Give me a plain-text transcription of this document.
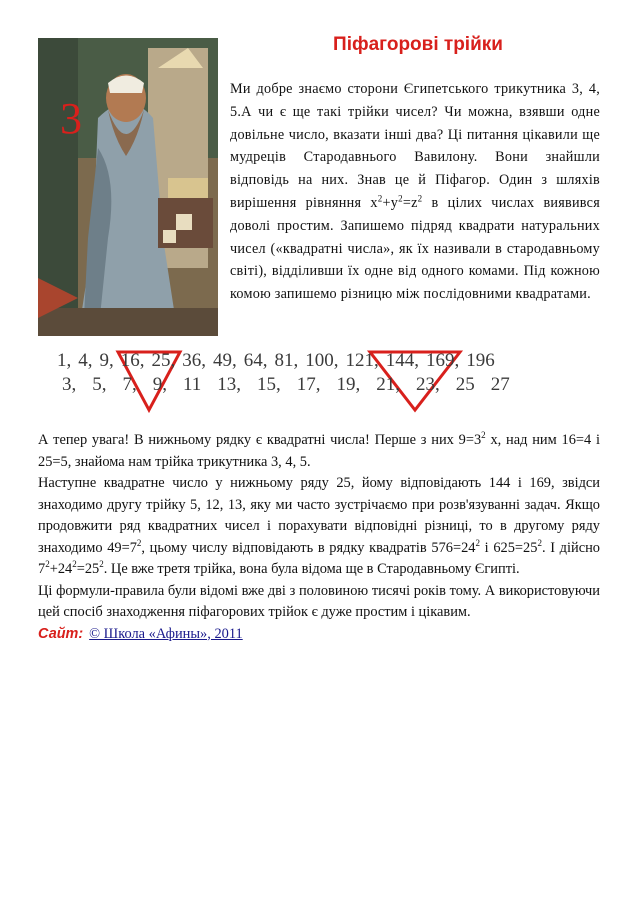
3
Піфагорові трійки

Ми добре знаємо сторони Єгипетського трикутника 3, 4, 5.А чи є ще такі трійки чисел? Чи можна, взявши одне довільне число, вказати інші два? Ці питання цікавили ще мудреців Стародавнього Вавилону. Вони знайшли відповідь на них. Знав це й Піфагор. Один з шляхів вирішення рівняння $x^2+y^2=z^2$ в цілих числах виявився доволі простим. Запишемо підряд квадрати натуральних чисел («квадратні числа», як їх називали в стародавньому світі), відділивши їх одне від одного комами. Під кожною комою запишемо різницю між послідовними квадратами.

1, 4, 9, 16, 25, 36, 49, 64, 81, 100, 121, 144, 169, 196
3, 5, 7, 9, 11 13, 15, 17, 19, 21, 23, 25 27

А тепер увага! В нижньому рядку є квадратні числа! Перше з них $9=3^2$ х, над ним 16=4 і 25=5, знайома нам трійка трикутника 3, 4, 5.

Наступне квадратне число у нижньому ряду 25, йому відповідають 144 і 169, звідси знаходимо другу трійку 5, 12, 13, яку ми часто зустрічаємо при розв'язуванні задач. Якщо продовжити ряд квадратних чисел і порахувати відповідні різниці, то в другому ряду знаходимо $49=7^2$, цьому числу відповідають в рядку квадратів $576=24^2$ і $625=25^2$. І дійсно $7^2+24^2=25^2$. Це вже третя трійка, вона була відома ще в Стародавньому Єгипті.

Ці формули-правила були відомі вже дві з половиною тисячі років тому. А використовуючи цей спосіб знаходження піфагорових трійок є дуже простим і цікавим.

Сайт: © Школа «Афины», 2011
